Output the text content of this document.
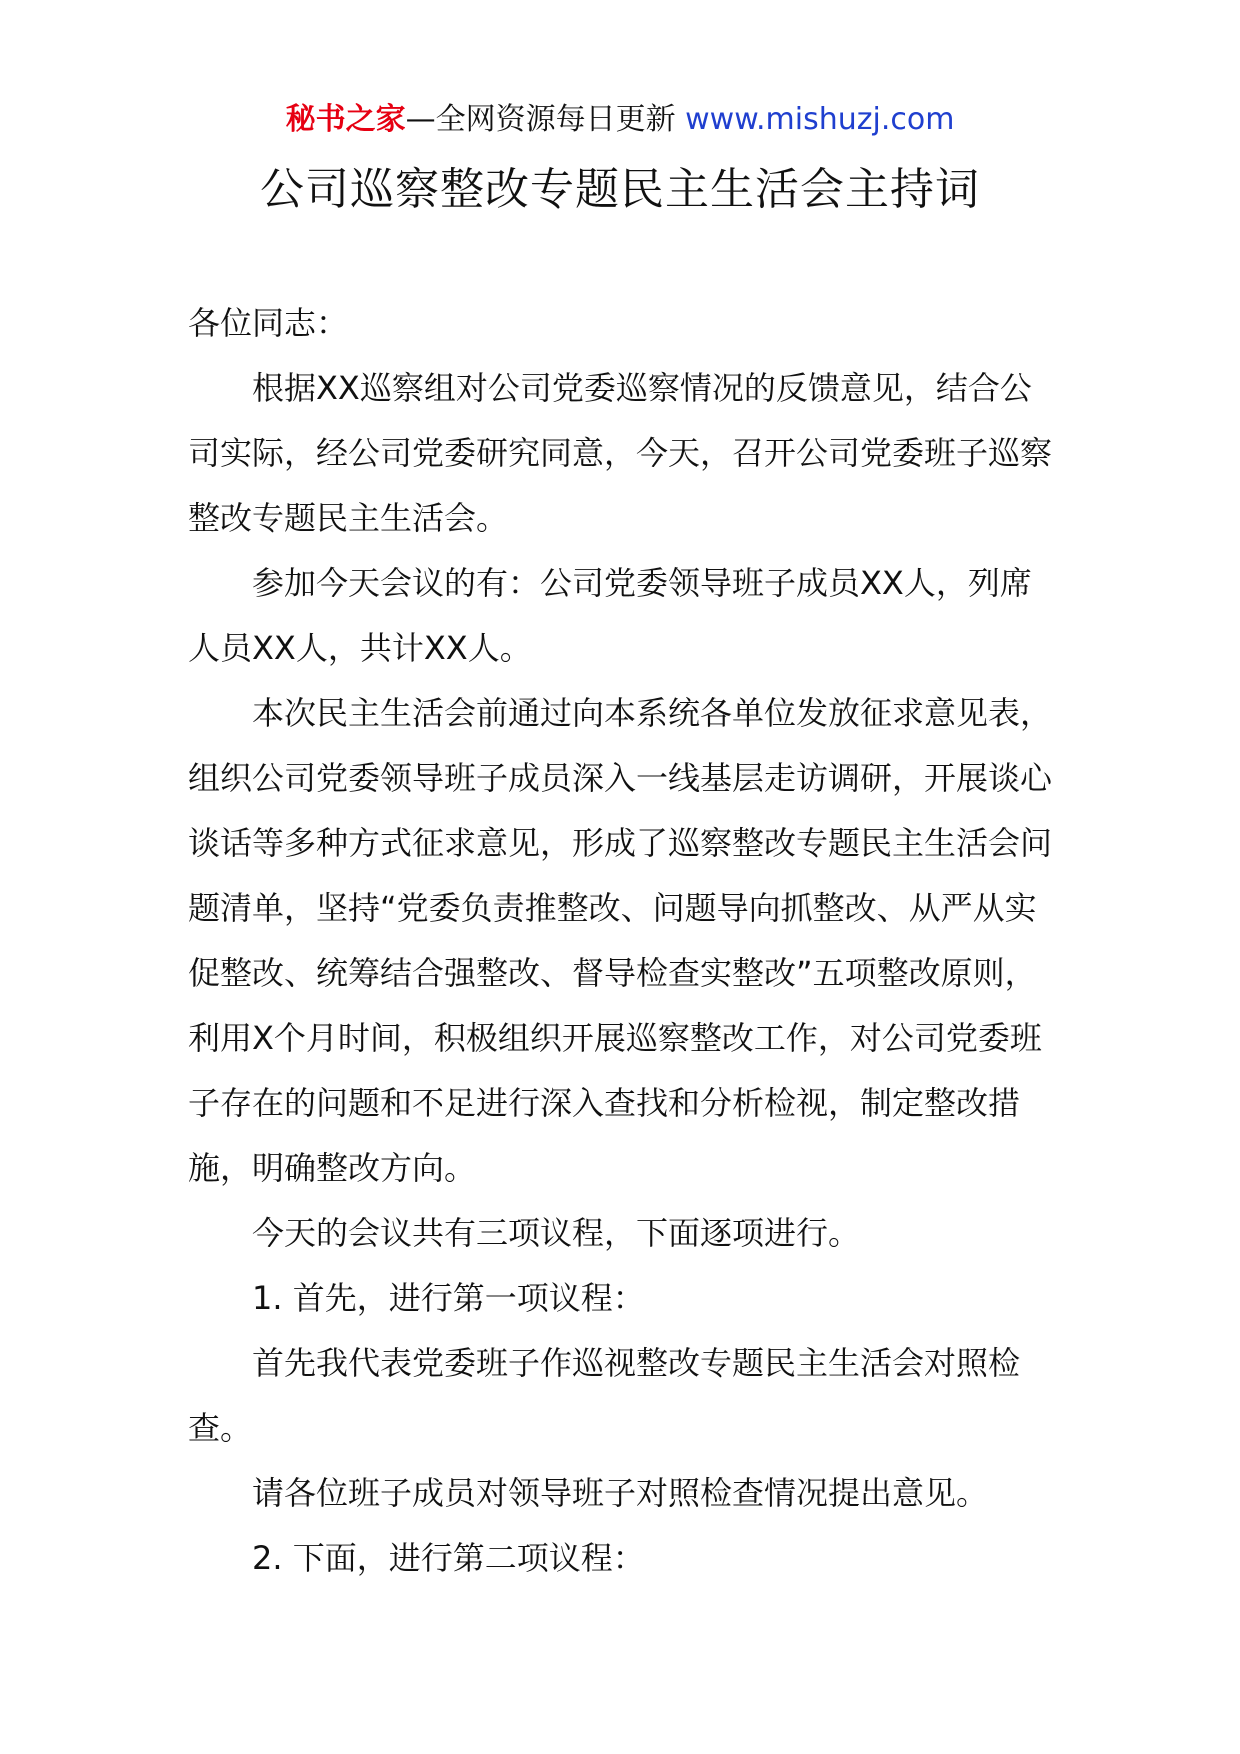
秘书之家—全网资源每日更新 www.mishuzj.com
公司巡察整改专题民主生活会主持词

各位同志：

根据XX巡察组对公司党委巡察情况的反馈意见，结合公司实际，经公司党委研究同意，今天，召开公司党委班子巡察整改专题民主生活会。

参加今天会议的有：公司党委领导班子成员XX人，列席人员XX人，共计XX人。

本次民主生活会前通过向本系统各单位发放征求意见表，组织公司党委领导班子成员深入一线基层走访调研，开展谈心谈话等多种方式征求意见，形成了巡察整改专题民主生活会问题清单，坚持“党委负责推整改、问题导向抓整改、从严从实促整改、统筹结合强整改、督导检查实整改”五项整改原则，利用X个月时间，积极组织开展巡察整改工作，对公司党委班子存在的问题和不足进行深入查找和分析检视，制定整改措施，明确整改方向。

今天的会议共有三项议程，下面逐项进行。

1. 首先，进行第一项议程：

首先我代表党委班子作巡视整改专题民主生活会对照检查。

请各位班子成员对领导班子对照检查情况提出意见。

2. 下面，进行第二项议程：
